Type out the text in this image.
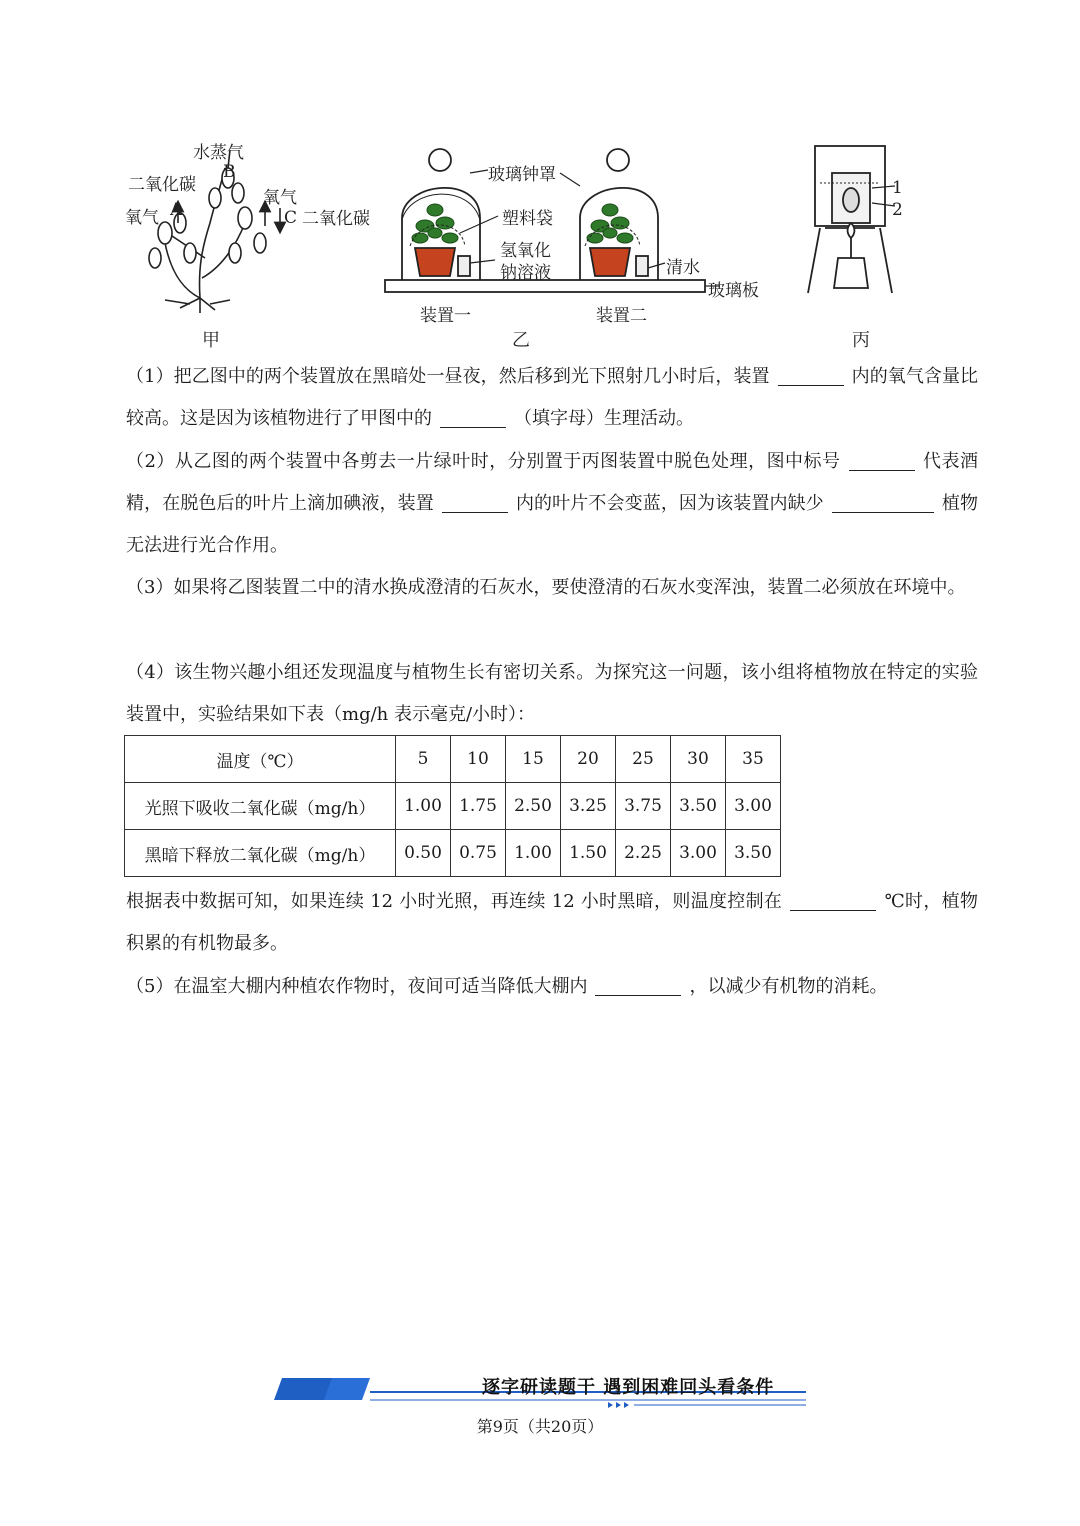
水蒸气
二氧化碳
B
氧气
氧气 A	C 二氧化碳
甲
玻璃钟罩
塑料袋
氢氧化
钠溶液	清水
玻璃板
装置一	装置二
乙
1
2
丙
（1）把乙图中的两个装置放在黑暗处一昼夜，然后移到光下照射几小时后，装置	内的氧气含量比较高。这是因为该植物进行了甲图中的	（填字母）生理活动。
（2）从乙图的两个装置中各剪去一片绿叶时，分别置于丙图装置中脱色处理，图中标号	代表酒精，在脱色后的叶片上滴加碘液，装置	内的叶片不会变蓝，因为该装置内缺少	植物无法进行光合作用。
（3）如果将乙图装置二中的清水换成澄清的石灰水，要使澄清的石灰水变浑浊，装置二必须放在环境中。
（4）该生物兴趣小组还发现温度与植物生长有密切关系。为探究这一问题，该小组将植物放在特定的实验装置中，实验结果如下表（mg/h 表示毫克/小时）：
温度（℃）	5	10	15	20	25	30	35
光照下吸收二氧化碳（mg/h）	1.00	1.75	2.50	3.25	3.75	3.50	3.00
黑暗下释放二氧化碳（mg/h）	0.50	0.75	1.00	1.50	2.25	3.00	3.50
根据表中数据可知，如果连续 12 小时光照，再连续 12 小时黑暗，则温度控制在	℃时，植物积累的有机物最多。
（5）在温室大棚内种植农作物时，夜间可适当降低大棚内	，以减少有机物的消耗。
逐字研读题干 遇到困难回头看条件
第9页（共20页）
